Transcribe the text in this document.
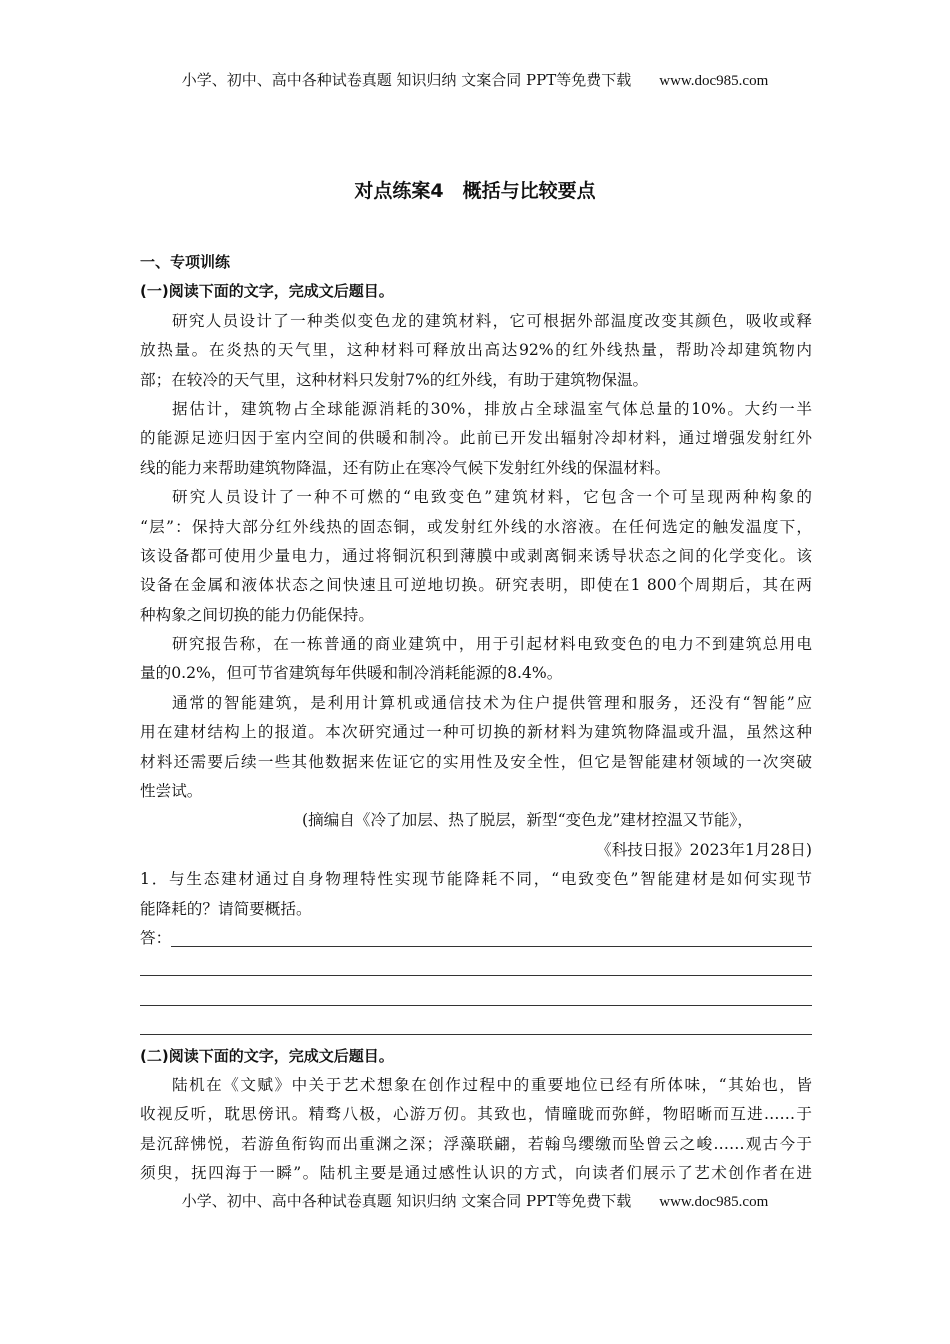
小学、初中、高中各种试卷真题 知识归纳 文案合同 PPT等免费下载 www.doc985.com
对点练案4　概括与比较要点
一、专项训练
(一)阅读下面的文字，完成文后题目。
研究人员设计了一种类似变色龙的建筑材料，它可根据外部温度改变其颜色，吸收或释
放热量。在炎热的天气里，这种材料可释放出高达92%的红外线热量，帮助冷却建筑物内
部；在较冷的天气里，这种材料只发射7%的红外线，有助于建筑物保温。
据估计，建筑物占全球能源消耗的30%，排放占全球温室气体总量的10%。大约一半
的能源足迹归因于室内空间的供暖和制冷。此前已开发出辐射冷却材料，通过增强发射红外
线的能力来帮助建筑物降温，还有防止在寒冷气候下发射红外线的保温材料。
研究人员设计了一种不可燃的“电致变色”建筑材料，它包含一个可呈现两种构象的
“层”：保持大部分红外线热的固态铜，或发射红外线的水溶液。在任何选定的触发温度下，
该设备都可使用少量电力，通过将铜沉积到薄膜中或剥离铜来诱导状态之间的化学变化。该
设备在金属和液体状态之间快速且可逆地切换。研究表明，即使在1 800个周期后，其在两
种构象之间切换的能力仍能保持。
研究报告称，在一栋普通的商业建筑中，用于引起材料电致变色的电力不到建筑总用电
量的0.2%，但可节省建筑每年供暖和制冷消耗能源的8.4%。
通常的智能建筑，是利用计算机或通信技术为住户提供管理和服务，还没有“智能”应
用在建材结构上的报道。本次研究通过一种可切换的新材料为建筑物降温或升温，虽然这种
材料还需要后续一些其他数据来佐证它的实用性及安全性，但它是智能建材领域的一次突破
性尝试。
(摘编自《冷了加层、热了脱层，新型“变色龙”建材控温又节能》，
《科技日报》2023年1月28日)
1．与生态建材通过自身物理特性实现节能降耗不同，“电致变色”智能建材是如何实现节
能降耗的？请简要概括。
答：
(二)阅读下面的文字，完成文后题目。
陆机在《文赋》中关于艺术想象在创作过程中的重要地位已经有所体味，“其始也，皆
收视反听，耽思傍讯。精骛八极，心游万仞。其致也，情曈昽而弥鲜，物昭晰而互进……于
是沉辞怫悦，若游鱼衔钩而出重渊之深；浮藻联翩，若翰鸟缨缴而坠曾云之峻……观古今于
须臾，抚四海于一瞬”。陆机主要是通过感性认识的方式，向读者们展示了艺术创作者在进
小学、初中、高中各种试卷真题 知识归纳 文案合同 PPT等免费下载 www.doc985.com
